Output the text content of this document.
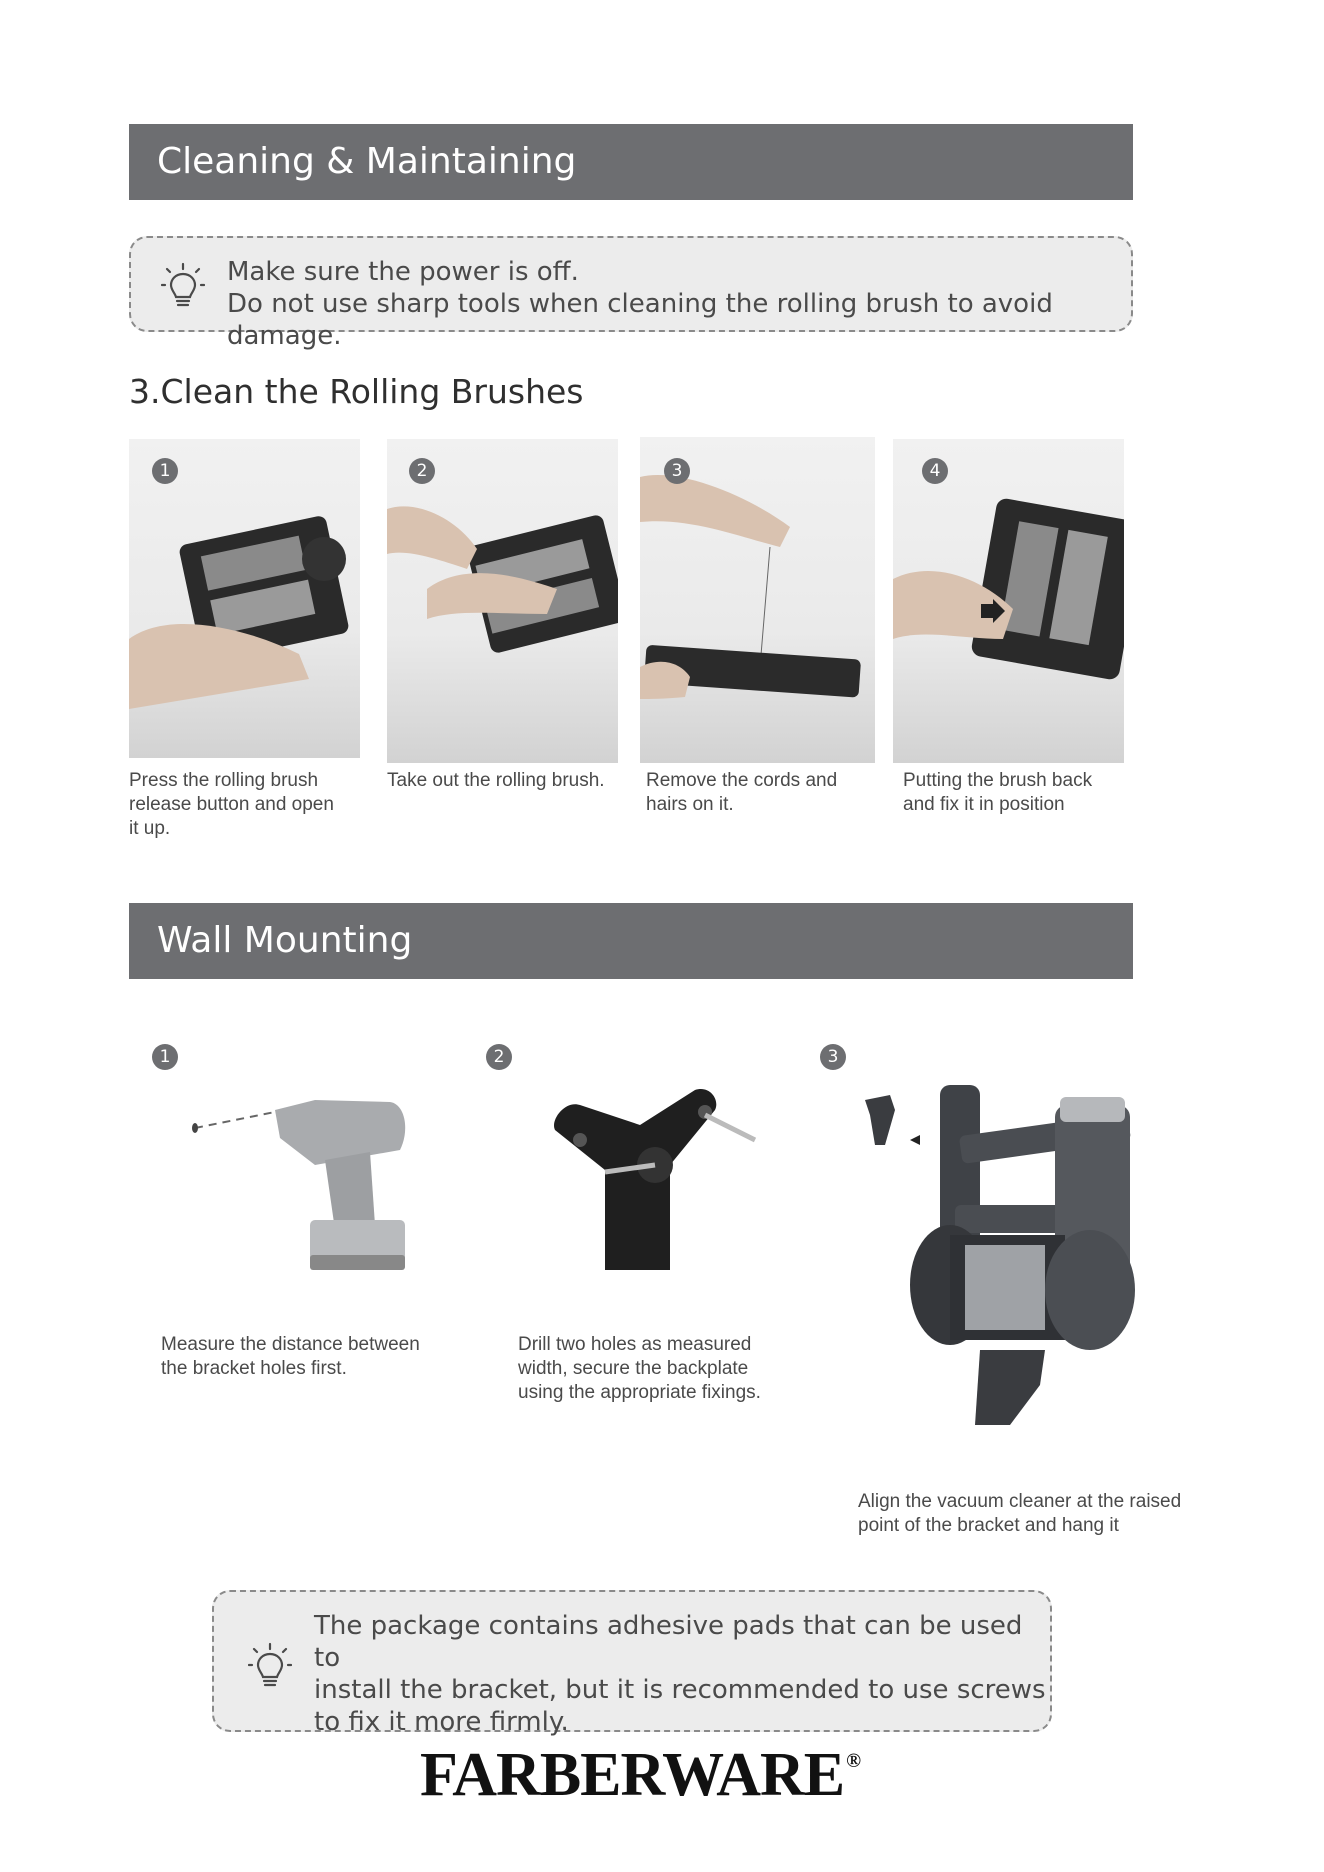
Cleaning & Maintaining
Make sure the power is off.
Do not use sharp tools when cleaning the rolling brush to avoid damage.
3.Clean the Rolling Brushes
1	2	3	4
Press the rolling brush
release button and open
it up.
Take out the rolling brush. Remove the cords and
hairs on it.
Putting the brush back
and fix it in position
Wall Mounting
1	2	3
Measure the distance between
the bracket holes first.
Drill two holes as measured
width, secure the backplate
using the appropriate fixings.
Align the vacuum cleaner at the raised
point of the bracket and hang it
The package contains adhesive pads that can be used to
install the bracket, but it is recommended to use screws
to fix it more firmly.
FARBERWARE ®
